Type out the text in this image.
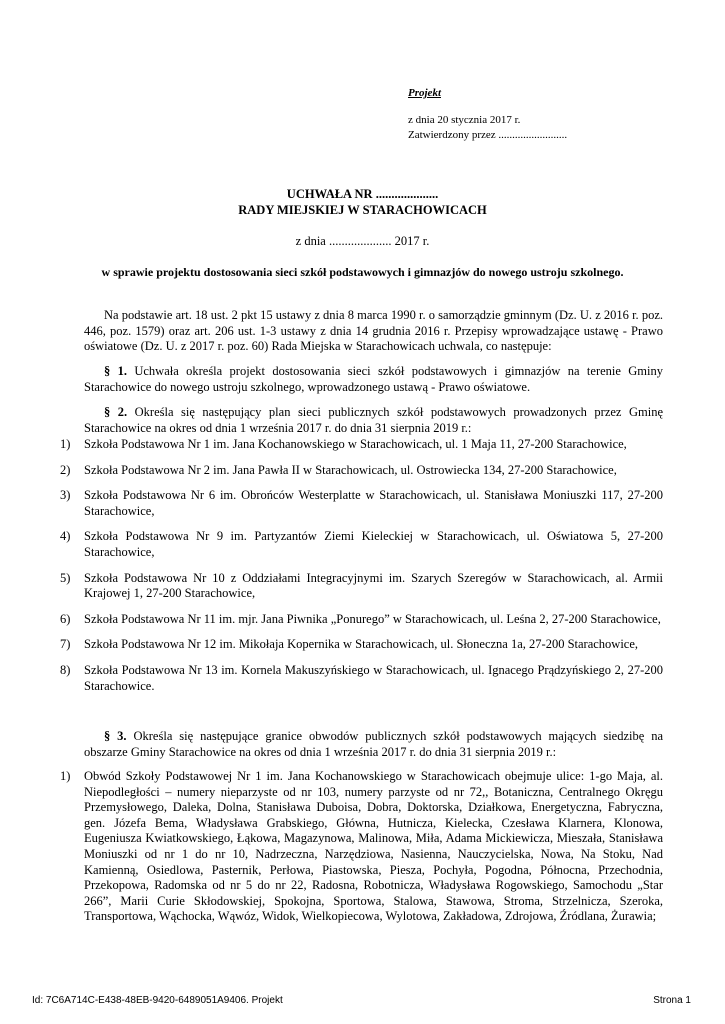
Projekt
z dnia 20 stycznia 2017 r.
Zatwierdzony przez .........................
UCHWAŁA NR ....................
RADY MIEJSKIEJ W STARACHOWICACH
z dnia .................... 2017 r.
w sprawie projektu dostosowania sieci szkół podstawowych i gimnazjów do nowego ustroju szkolnego.

Na podstawie art. 18 ust. 2 pkt 15 ustawy z dnia 8 marca 1990 r. o samorządzie gminnym (Dz. U. z 2016 r. poz. 446, poz. 1579) oraz art. 206 ust. 1-3 ustawy z dnia 14 grudnia 2016 r. Przepisy wprowadzające ustawę - Prawo oświatowe (Dz. U. z 2017 r. poz. 60) Rada Miejska w Starachowicach uchwala, co następuje:

§ 1. Uchwała określa projekt dostosowania sieci szkół podstawowych i gimnazjów na terenie Gminy Starachowice do nowego ustroju szkolnego, wprowadzonego ustawą - Prawo oświatowe.

§ 2. Określa się następujący plan sieci publicznych szkół podstawowych prowadzonych przez Gminę Starachowice na okres od dnia 1 września 2017 r. do dnia 31 sierpnia 2019 r.:

1)	Szkoła Podstawowa Nr 1 im. Jana Kochanowskiego w Starachowicach, ul. 1 Maja 11, 27-200 Starachowice,
2)	Szkoła Podstawowa Nr 2 im. Jana Pawła II w Starachowicach, ul. Ostrowiecka 134, 27-200 Starachowice,
3)	Szkoła Podstawowa Nr 6 im. Obrońców Westerplatte w Starachowicach, ul. Stanisława Moniuszki 117, 27-200 Starachowice,
4)	Szkoła Podstawowa Nr 9 im. Partyzantów Ziemi Kieleckiej w Starachowicach, ul. Oświatowa 5, 27-200 Starachowice,
5)	Szkoła Podstawowa Nr 10 z Oddziałami Integracyjnymi im. Szarych Szeregów w Starachowicach, al. Armii Krajowej 1, 27-200 Starachowice,
6)	Szkoła Podstawowa Nr 11 im. mjr. Jana Piwnika „Ponurego” w Starachowicach, ul. Leśna 2, 27-200 Starachowice,
7)	Szkoła Podstawowa Nr 12 im. Mikołaja Kopernika w Starachowicach, ul. Słoneczna 1a, 27-200 Starachowice,
8)	Szkoła Podstawowa Nr 13 im. Kornela Makuszyńskiego w Starachowicach, ul. Ignacego Prądzyńskiego 2, 27-200 Starachowice.

§ 3. Określa się następujące granice obwodów publicznych szkół podstawowych mających siedzibę na obszarze Gminy Starachowice na okres od dnia 1 września 2017 r. do dnia 31 sierpnia 2019 r.:

1)	Obwód Szkoły Podstawowej Nr 1 im. Jana Kochanowskiego w Starachowicach obejmuje ulice: 1-go Maja, al. Niepodległości – numery nieparzyste od nr 103, numery parzyste od nr 72,, Botaniczna, Centralnego Okręgu Przemysłowego, Daleka, Dolna, Stanisława Duboisa, Dobra, Doktorska, Działkowa, Energetyczna, Fabryczna, gen. Józefa Bema, Władysława Grabskiego, Główna, Hutnicza, Kielecka, Czesława Klarnera, Klonowa, Eugeniusza Kwiatkowskiego, Łąkowa, Magazynowa, Malinowa, Miła, Adama Mickiewicza, Mieszała, Stanisława Moniuszki od nr 1 do nr 10, Nadrzeczna, Narzędziowa, Nasienna, Nauczycielska, Nowa, Na Stoku, Nad Kamienną, Osiedlowa, Pasternik, Perłowa, Piastowska, Piesza, Pochyła, Pogodna, Północna, Przechodnia, Przekopowa, Radomska od nr 5 do nr 22, Radosna, Robotnicza, Władysława Rogowskiego, Samochodu „Star 266”, Marii Curie Skłodowskiej, Spokojna, Sportowa, Stalowa, Stawowa, Stroma, Strzelnicza, Szeroka, Transportowa, Wąchocka, Wąwóz, Widok, Wielkopiecowa, Wylotowa, Zakładowa, Zdrojowa, Źródlana, Żurawia;
Id: 7C6A714C-E438-48EB-9420-6489051A9406. Projekt	Strona 1
